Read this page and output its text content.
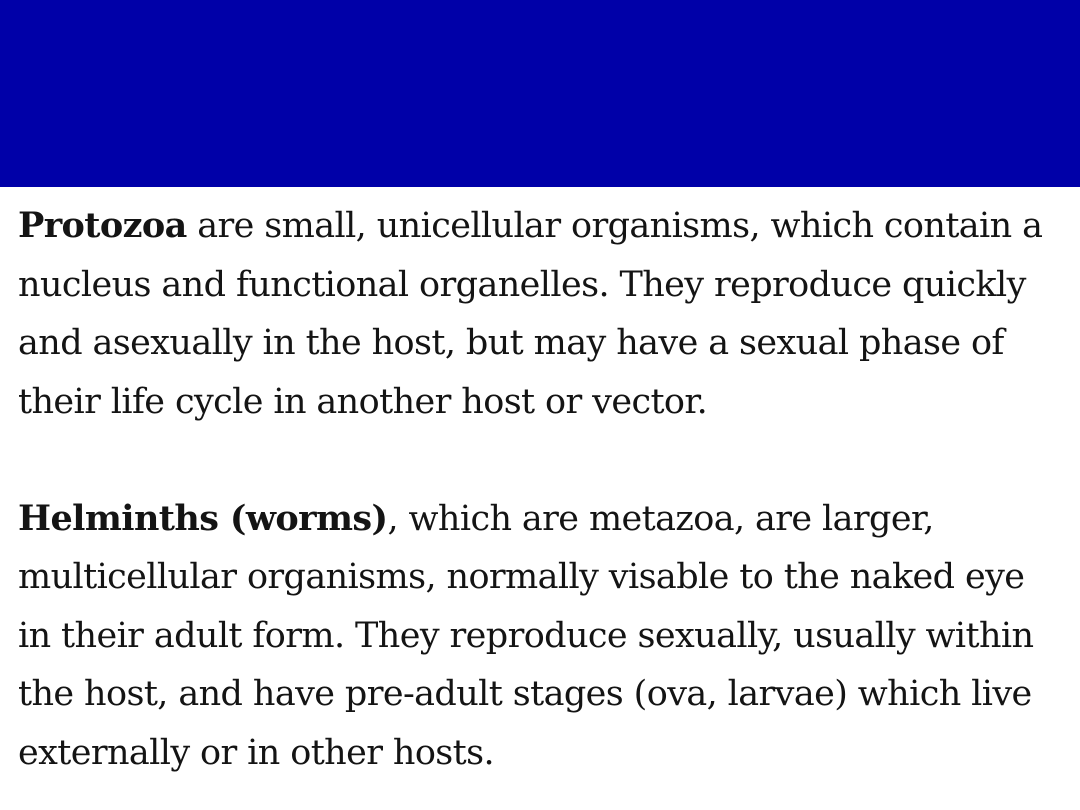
Protozoa are small, unicellular organisms, which contain a
nucleus and functional organelles. They reproduce quickly
and asexually in the host, but may have a sexual phase of
their life cycle in another host or vector.
Helminths (worms), which are metazoa, are larger,
multicellular organisms, normally visable to the naked eye
in their adult form. They reproduce sexually, usually within
the host, and have pre-adult stages (ova, larvae) which live
externally or in other hosts.
